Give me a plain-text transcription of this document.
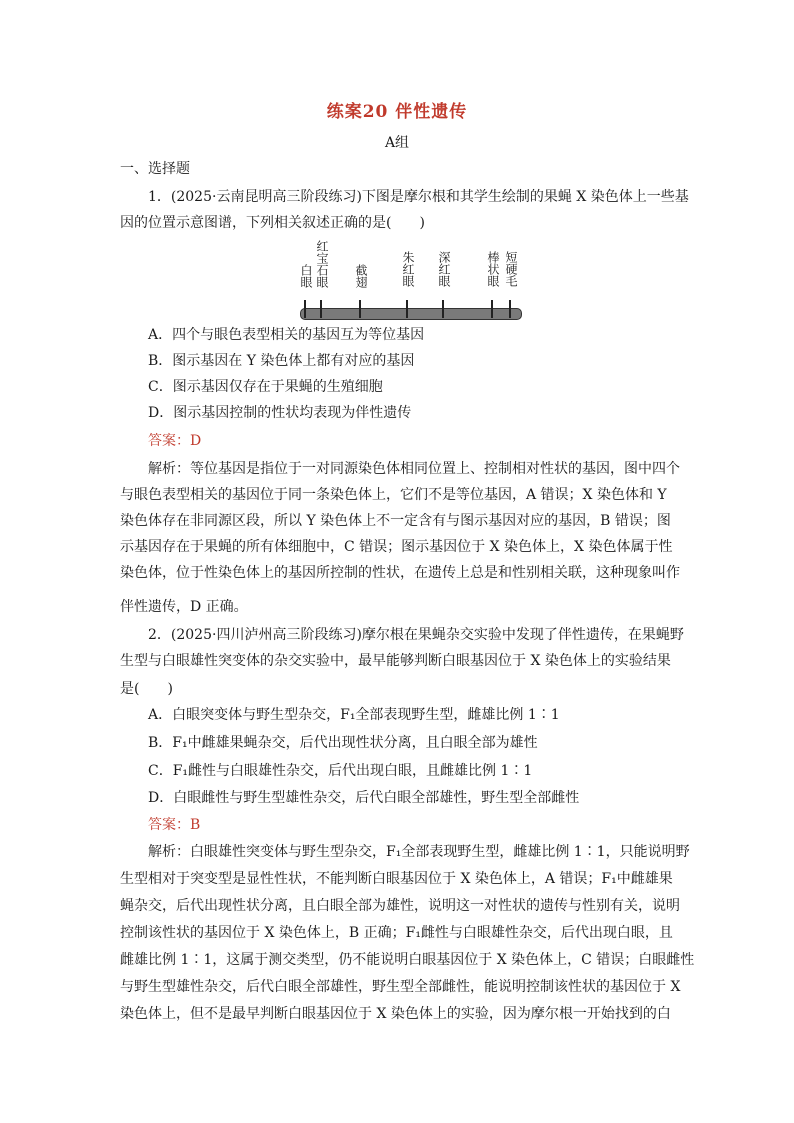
练案20 伴性遗传
A组
一、选择题
1．(2025·云南昆明高三阶段练习)下图是摩尔根和其学生绘制的果蝇 X 染色体上一些基
因的位置示意图谱，下列相关叙述正确的是(　　)
白眼 红宝石眼 截翅	朱红眼 深红眼	棒状眼 短硬毛
A．四个与眼色表型相关的基因互为等位基因
B．图示基因在 Y 染色体上都有对应的基因
C．图示基因仅存在于果蝇的生殖细胞
D．图示基因控制的性状均表现为伴性遗传
答案：D
解析：等位基因是指位于一对同源染色体相同位置上、控制相对性状的基因，图中四个
与眼色表型相关的基因位于同一条染色体上，它们不是等位基因，A 错误；X 染色体和 Y
染色体存在非同源区段，所以 Y 染色体上不一定含有与图示基因对应的基因，B 错误；图
示基因存在于果蝇的所有体细胞中，C 错误；图示基因位于 X 染色体上，X 染色体属于性
染色体，位于性染色体上的基因所控制的性状，在遗传上总是和性别相关联，这种现象叫作
伴性遗传，D 正确。
2．(2025·四川泸州高三阶段练习)摩尔根在果蝇杂交实验中发现了伴性遗传，在果蝇野
生型与白眼雄性突变体的杂交实验中，最早能够判断白眼基因位于 X 染色体上的实验结果
是(　　)
A．白眼突变体与野生型杂交，F₁全部表现野生型，雌雄比例 1∶1
B．F₁中雌雄果蝇杂交，后代出现性状分离，且白眼全部为雄性
C．F₁雌性与白眼雄性杂交，后代出现白眼，且雌雄比例 1∶1
D．白眼雌性与野生型雄性杂交，后代白眼全部雄性，野生型全部雌性
答案：B
解析：白眼雄性突变体与野生型杂交，F₁全部表现野生型，雌雄比例 1∶1，只能说明野
生型相对于突变型是显性性状，不能判断白眼基因位于 X 染色体上，A 错误；F₁中雌雄果
蝇杂交，后代出现性状分离，且白眼全部为雄性，说明这一对性状的遗传与性别有关，说明
控制该性状的基因位于 X 染色体上，B 正确；F₁雌性与白眼雄性杂交，后代出现白眼，且
雌雄比例 1∶1，这属于测交类型，仍不能说明白眼基因位于 X 染色体上，C 错误；白眼雌性
与野生型雄性杂交，后代白眼全部雄性，野生型全部雌性，能说明控制该性状的基因位于 X
染色体上，但不是最早判断白眼基因位于 X 染色体上的实验，因为摩尔根一开始找到的白
